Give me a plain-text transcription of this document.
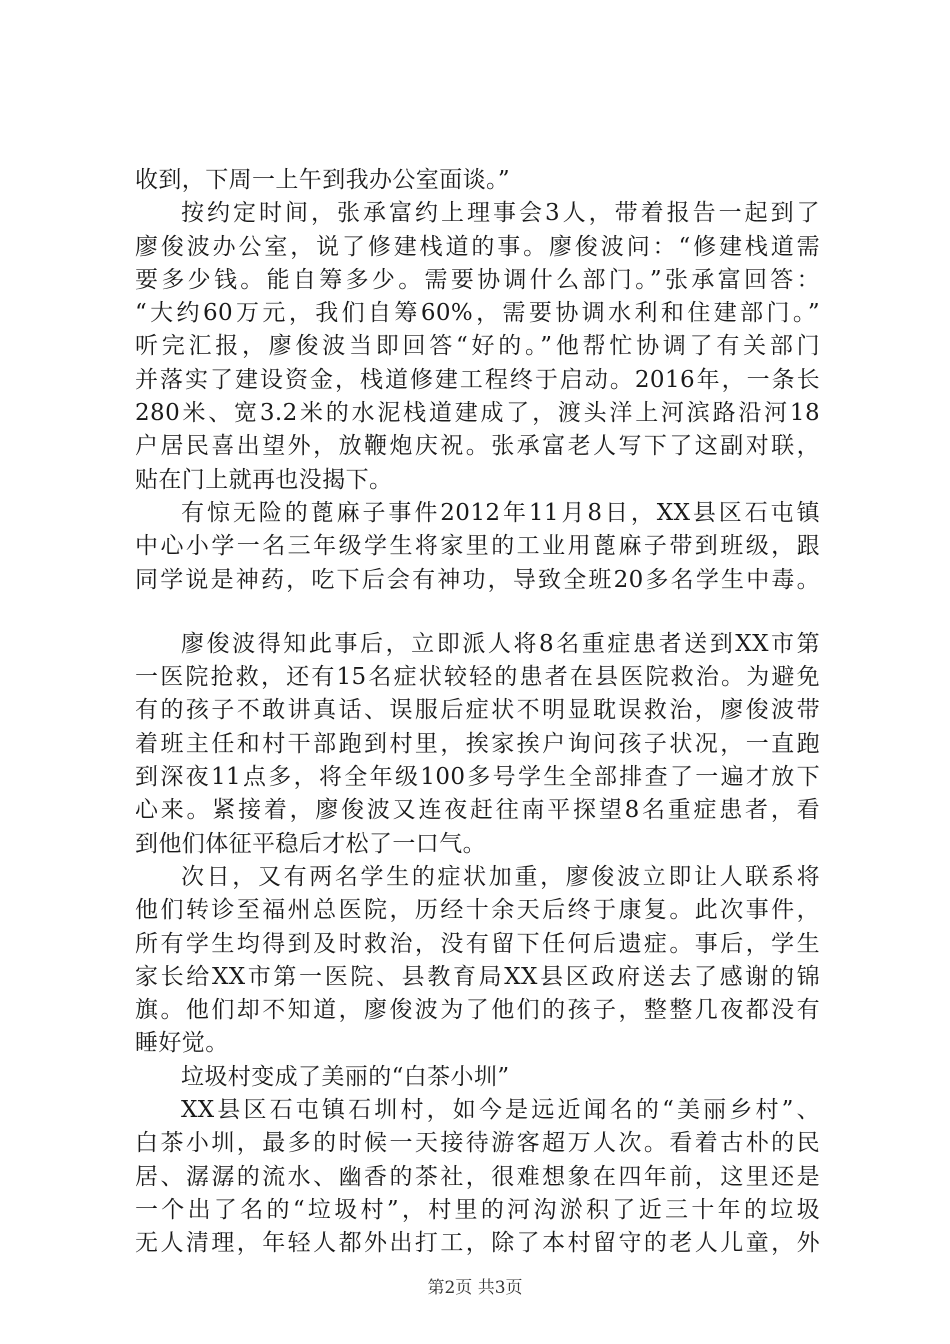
收到，下周一上午到我办公室面谈。”
按约定时间，张承富约上理事会3人，带着报告一起到了
廖俊波办公室，说了修建栈道的事。廖俊波问：“修建栈道需
要多少钱。能自筹多少。需要协调什么部门。”张承富回答：
“大约60万元，我们自筹60%，需要协调水利和住建部门。”
听完汇报，廖俊波当即回答“好的。”他帮忙协调了有关部门
并落实了建设资金，栈道修建工程终于启动。2016年，一条长
280米、宽3.2米的水泥栈道建成了，渡头洋上河滨路沿河18
户居民喜出望外，放鞭炮庆祝。张承富老人写下了这副对联，
贴在门上就再也没揭下。
有惊无险的蓖麻子事件2012年11月8日，XX县区石屯镇
中心小学一名三年级学生将家里的工业用蓖麻子带到班级，跟
同学说是神药，吃下后会有神功，导致全班20多名学生中毒。
廖俊波得知此事后，立即派人将8名重症患者送到XX市第
一医院抢救，还有15名症状较轻的患者在县医院救治。为避免
有的孩子不敢讲真话、误服后症状不明显耽误救治，廖俊波带
着班主任和村干部跑到村里，挨家挨户询问孩子状况，一直跑
到深夜11点多，将全年级100多号学生全部排查了一遍才放下
心来。紧接着，廖俊波又连夜赶往南平探望8名重症患者，看
到他们体征平稳后才松了一口气。
次日，又有两名学生的症状加重，廖俊波立即让人联系将
他们转诊至福州总医院，历经十余天后终于康复。此次事件，
所有学生均得到及时救治，没有留下任何后遗症。事后，学生
家长给XX市第一医院、县教育局XX县区政府送去了感谢的锦
旗。他们却不知道，廖俊波为了他们的孩子，整整几夜都没有
睡好觉。
垃圾村变成了美丽的“白茶小圳”
XX县区石屯镇石圳村，如今是远近闻名的“美丽乡村”、
白茶小圳，最多的时候一天接待游客超万人次。看着古朴的民
居、潺潺的流水、幽香的茶社，很难想象在四年前，这里还是
一个出了名的“垃圾村”，村里的河沟淤积了近三十年的垃圾
无人清理，年轻人都外出打工，除了本村留守的老人儿童，外
第2页 共3页
